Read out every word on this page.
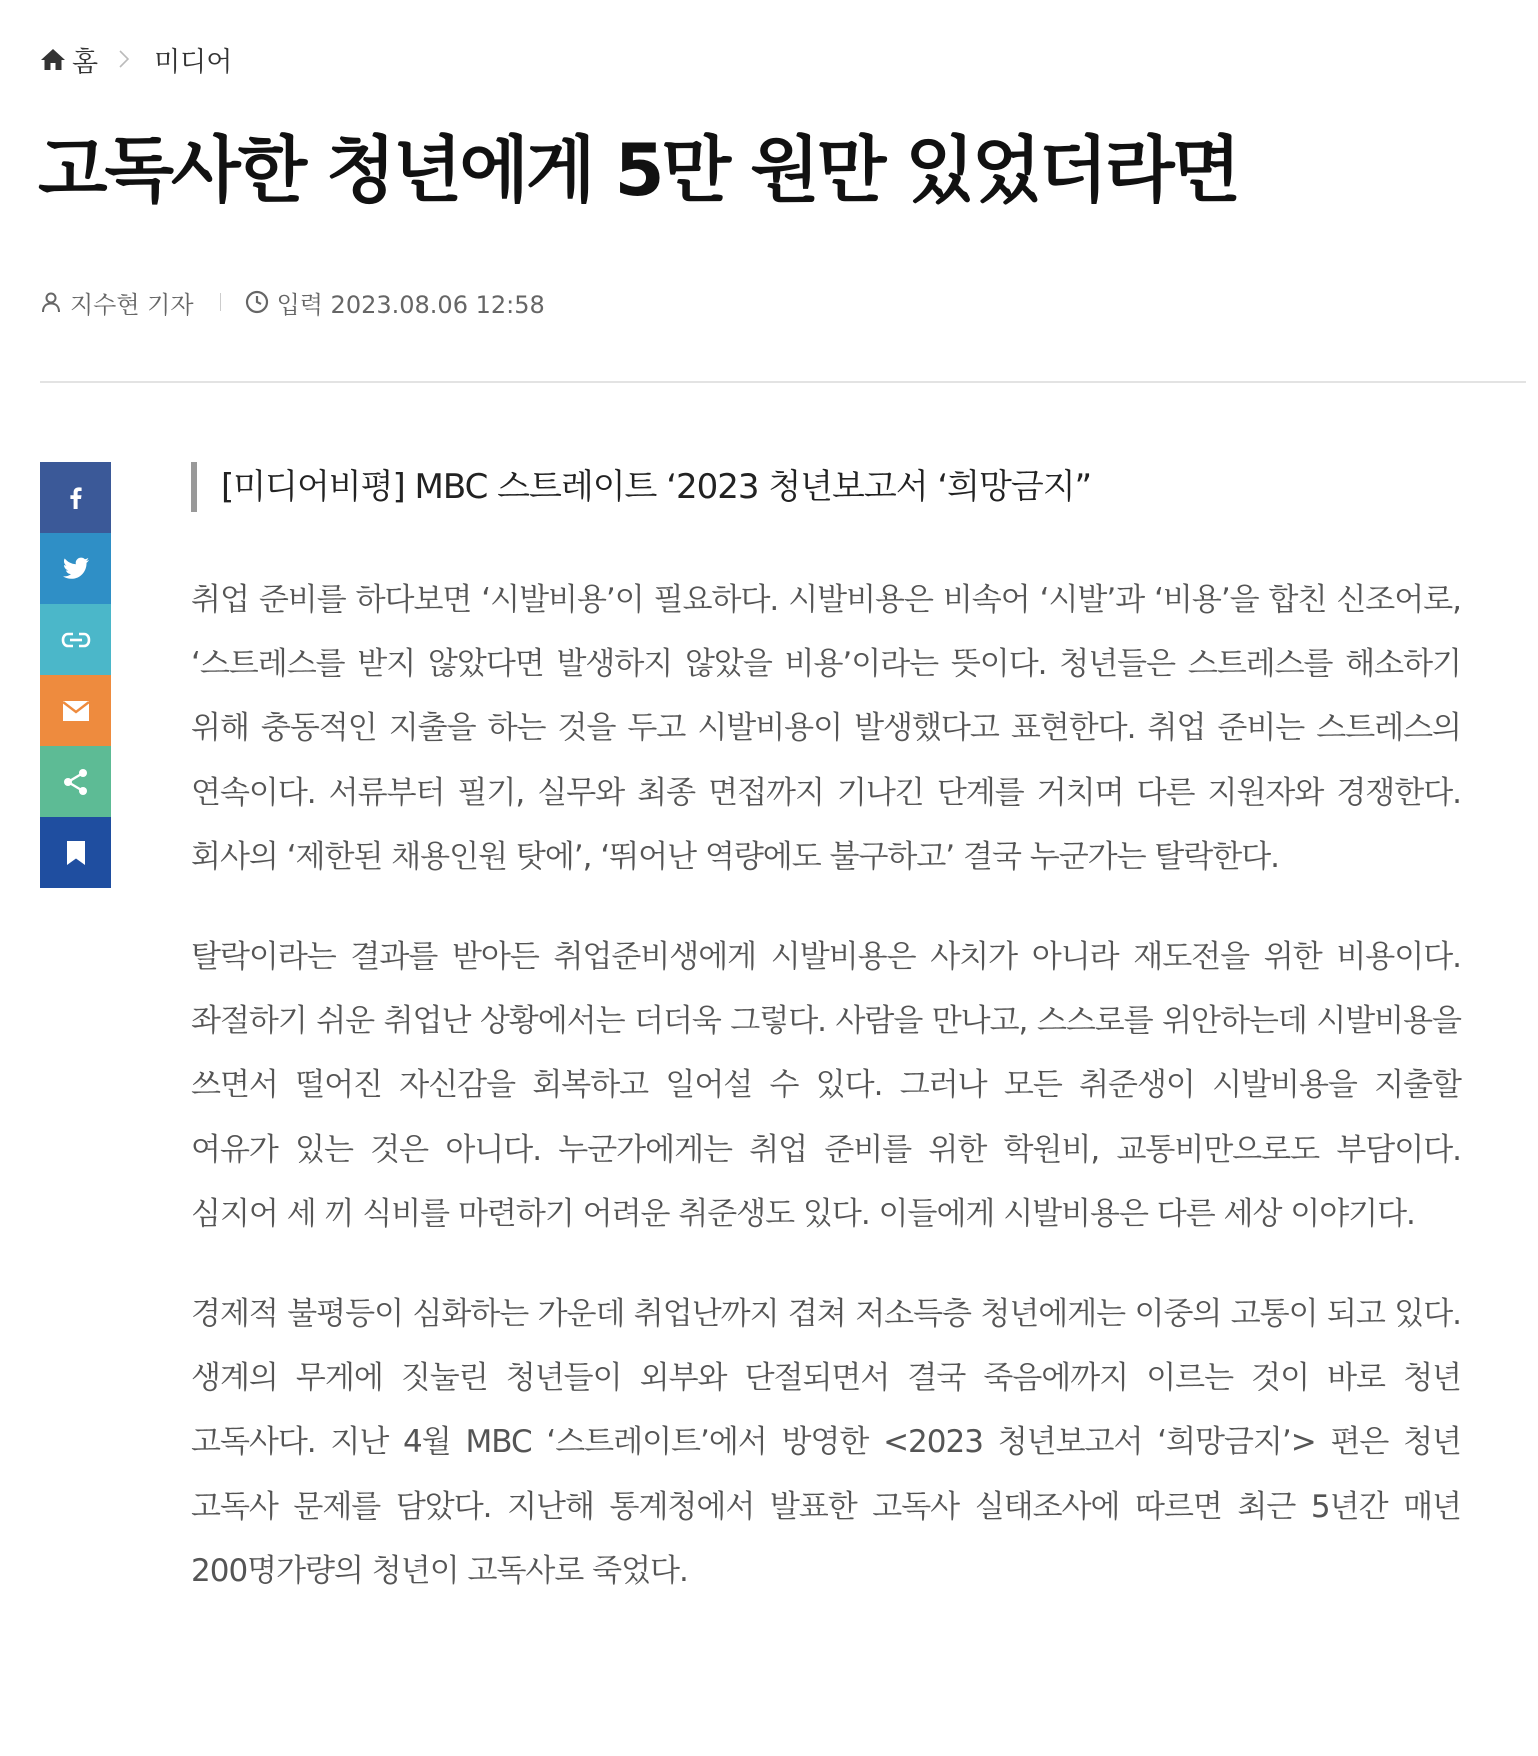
홈 미디어
고독사한 청년에게 5만 원만 있었더라면
지수현 기자	입력 2023.08.06 12:58
[미디어비평] MBC 스트레이트 ‘2023 청년보고서 ‘희망금지”

취업 준비를 하다보면 ‘시발비용’이 필요하다. 시발비용은 비속어 ‘시발’과 ‘비용’을 합친 신조어로, ‘스트레스를 받지 않았다면 발생하지 않았을 비용’이라는 뜻이다. 청년들은 스트레스를 해소하기 위해 충동적인 지출을 하는 것을 두고 시발비용이 발생했다고 표현한다. 취업 준비는 스트레스의 연속이다. 서류부터 필기, 실무와 최종 면접까지 기나긴 단계를 거치며 다른 지원자와 경쟁한다. 회사의 ‘제한된 채용인원 탓에’, ‘뛰어난 역량에도 불구하고’ 결국 누군가는 탈락한다.

탈락이라는 결과를 받아든 취업준비생에게 시발비용은 사치가 아니라 재도전을 위한 비용이다. 좌절하기 쉬운 취업난 상황에서는 더더욱 그렇다. 사람을 만나고, 스스로를 위안하는데 시발비용을 쓰면서 떨어진 자신감을 회복하고 일어설 수 있다. 그러나 모든 취준생이 시발비용을 지출할 여유가 있는 것은 아니다. 누군가에게는 취업 준비를 위한 학원비, 교통비만으로도 부담이다. 심지어 세 끼 식비를 마련하기 어려운 취준생도 있다. 이들에게 시발비용은 다른 세상 이야기다.

경제적 불평등이 심화하는 가운데 취업난까지 겹쳐 저소득층 청년에게는 이중의 고통이 되고 있다. 생계의 무게에 짓눌린 청년들이 외부와 단절되면서 결국 죽음에까지 이르는 것이 바로 청년 고독사다. 지난 4월 MBC ‘스트레이트’에서 방영한 <2023 청년보고서 ‘희망금지’> 편은 청년 고독사 문제를 담았다. 지난해 통계청에서 발표한 고독사 실태조사에 따르면 최근 5년간 매년 200명가량의 청년이 고독사로 죽었다.
